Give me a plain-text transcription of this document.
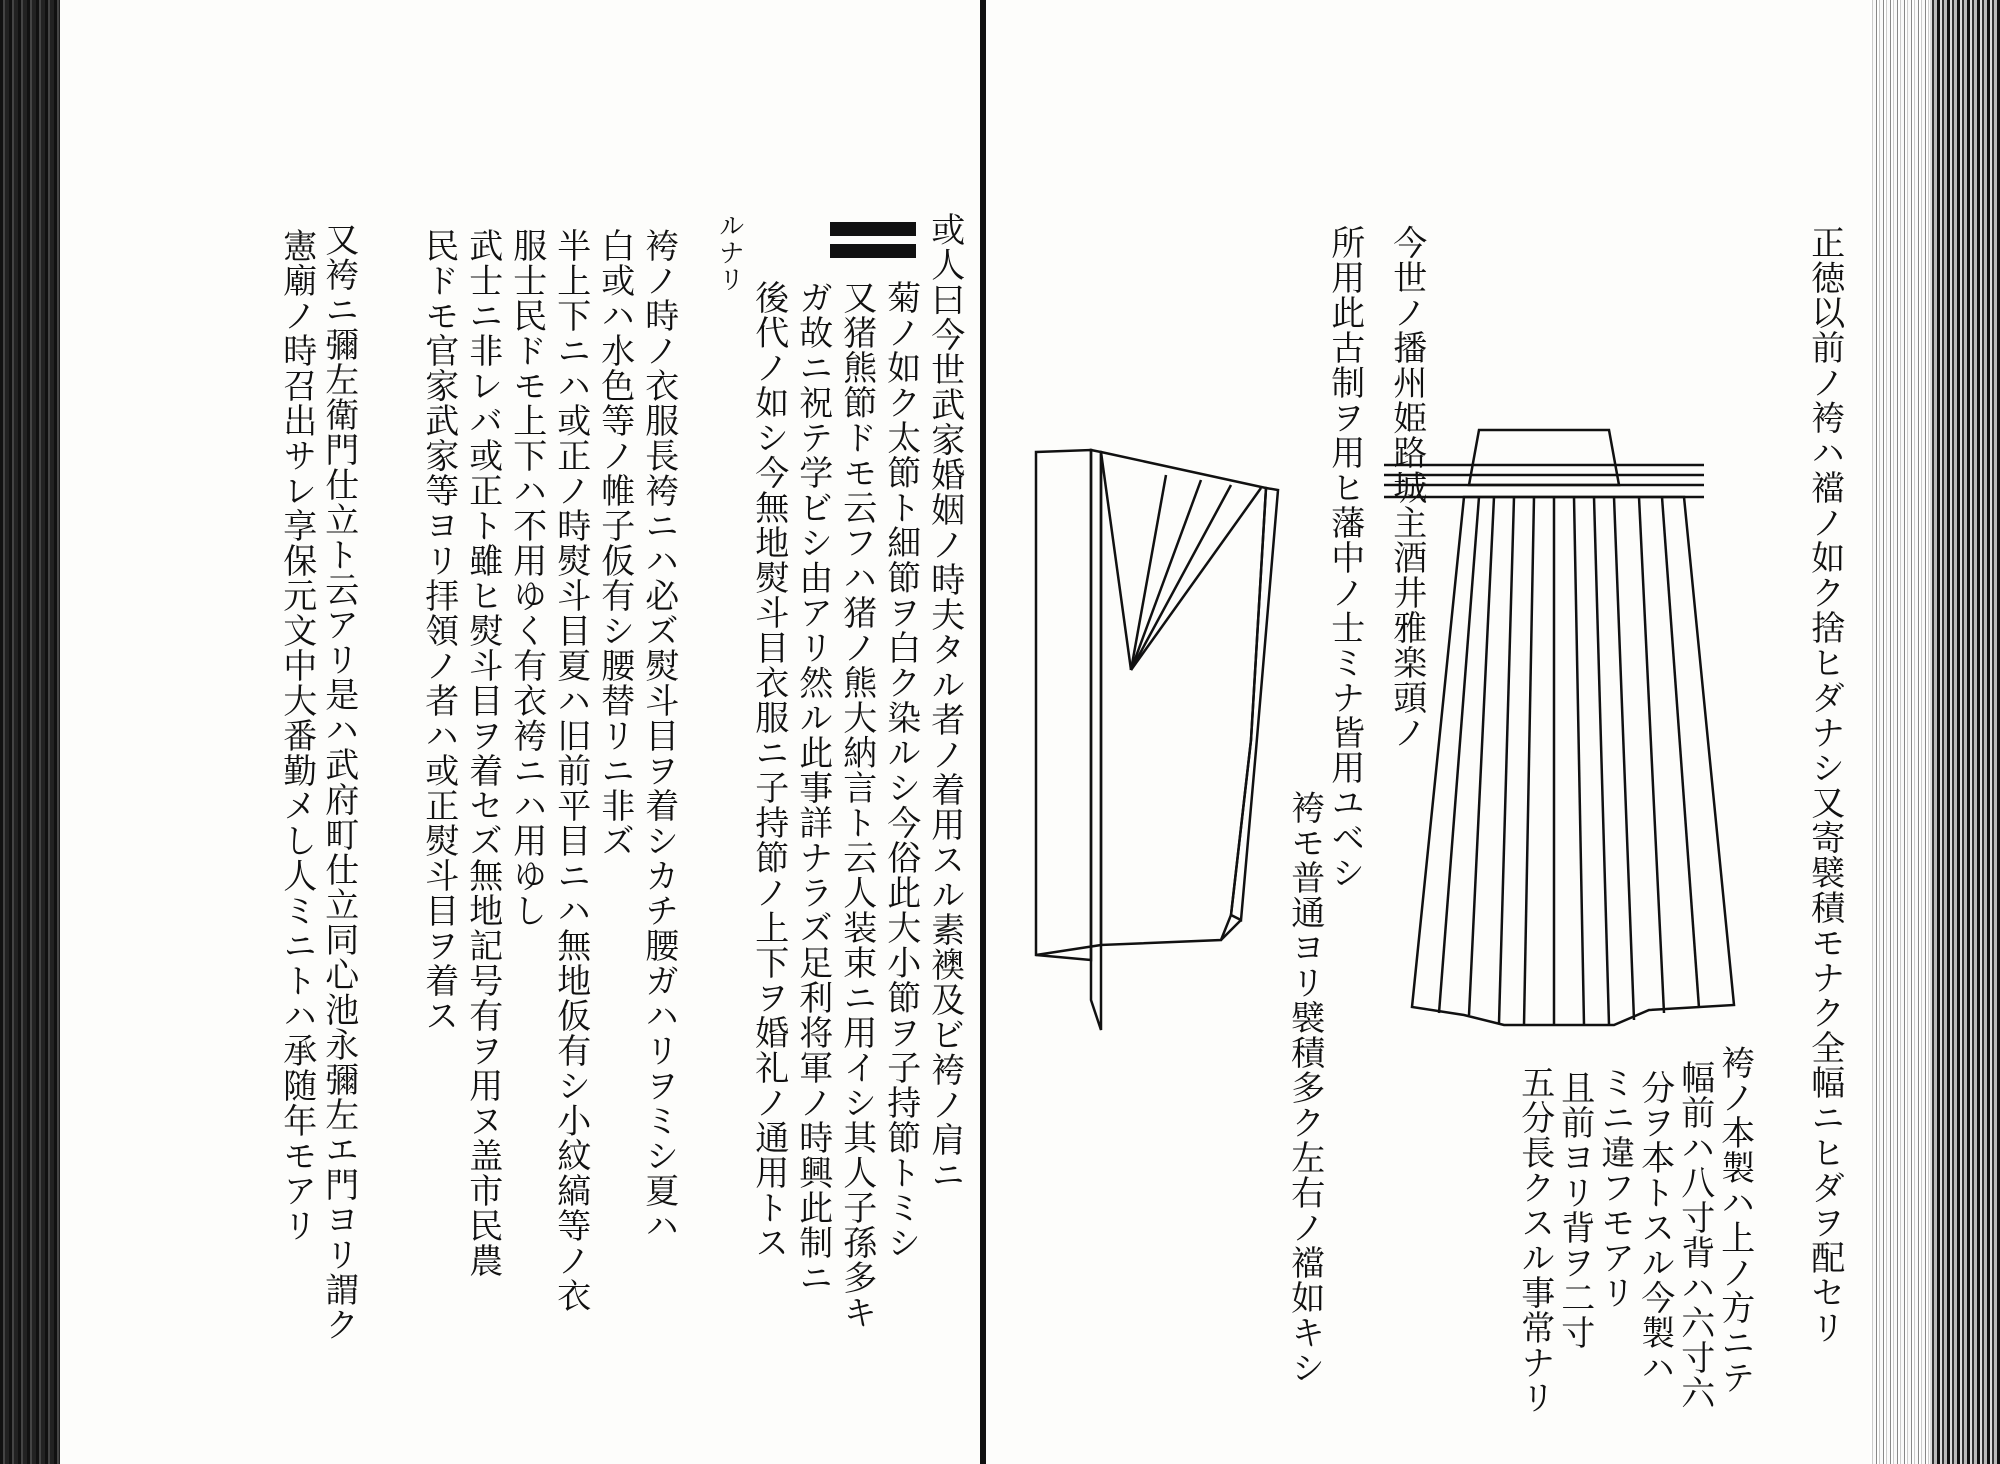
正徳以前ノ袴ハ襠ノ如ク捨ヒダナシ又寄襞積モナク全幅ニヒダヲ配セリ
今世ノ播州姫路城主酒井雅楽頭ノ
所用此古制ヲ用ヒ藩中ノ士ミナ皆用ユベシ
袴モ普通ヨリ襞積多ク左右ノ襠如キシ	袴ノ本製ハ上ノ方ニテ
幅前ハ八寸背ハ六寸六
分ヲ本トスル今製ハ
ミニ違フモアリ
且前ヨリ背ヲ二寸
五分長クスル事常ナリ
或人曰今世武家婚姻ノ時夫タル者ノ着用スル素襖及ビ袴ノ肩ニ
菊ノ如ク太節ト細節ヲ白ク染ルシ今俗此大小節ヲ子持節トミシ
又猪熊節ドモ云フハ猪ノ熊大納言ト云人装束ニ用イシ其人子孫多キ
ガ故ニ祝テ学ビシ由アリ然ル此事詳ナラズ足利将軍ノ時興此制ニ
後代ノ如シ今無地熨斗目衣服ニ子持節ノ上下ヲ婚礼ノ通用トス
ルナリ
袴ノ時ノ衣服長袴ニハ必ズ熨斗目ヲ着シカチ腰ガハリヲミシ夏ハ
白或ハ水色等ノ帷子仮有シ腰替リニ非ズ
半上下ニハ或正ノ時熨斗目夏ハ旧前平目ニハ無地仮有シ小紋縞等ノ衣
服士民ドモ上下ハ不用ゆく有衣袴ニハ用ゆし
武士ニ非レバ或正ト雖ヒ熨斗目ヲ着セズ無地記号有ヲ用ヌ盖市民農
民ドモ官家武家等ヨリ拝領ノ者ハ或正熨斗目ヲ着ス
又袴ニ彌左衛門仕立ト云アリ是ハ武府町仕立同心池永彌左エ門ヨリ謂ク
憲廟ノ時召出サレ享保元文中大番勤メし人ミニトハ承随年モアリ
